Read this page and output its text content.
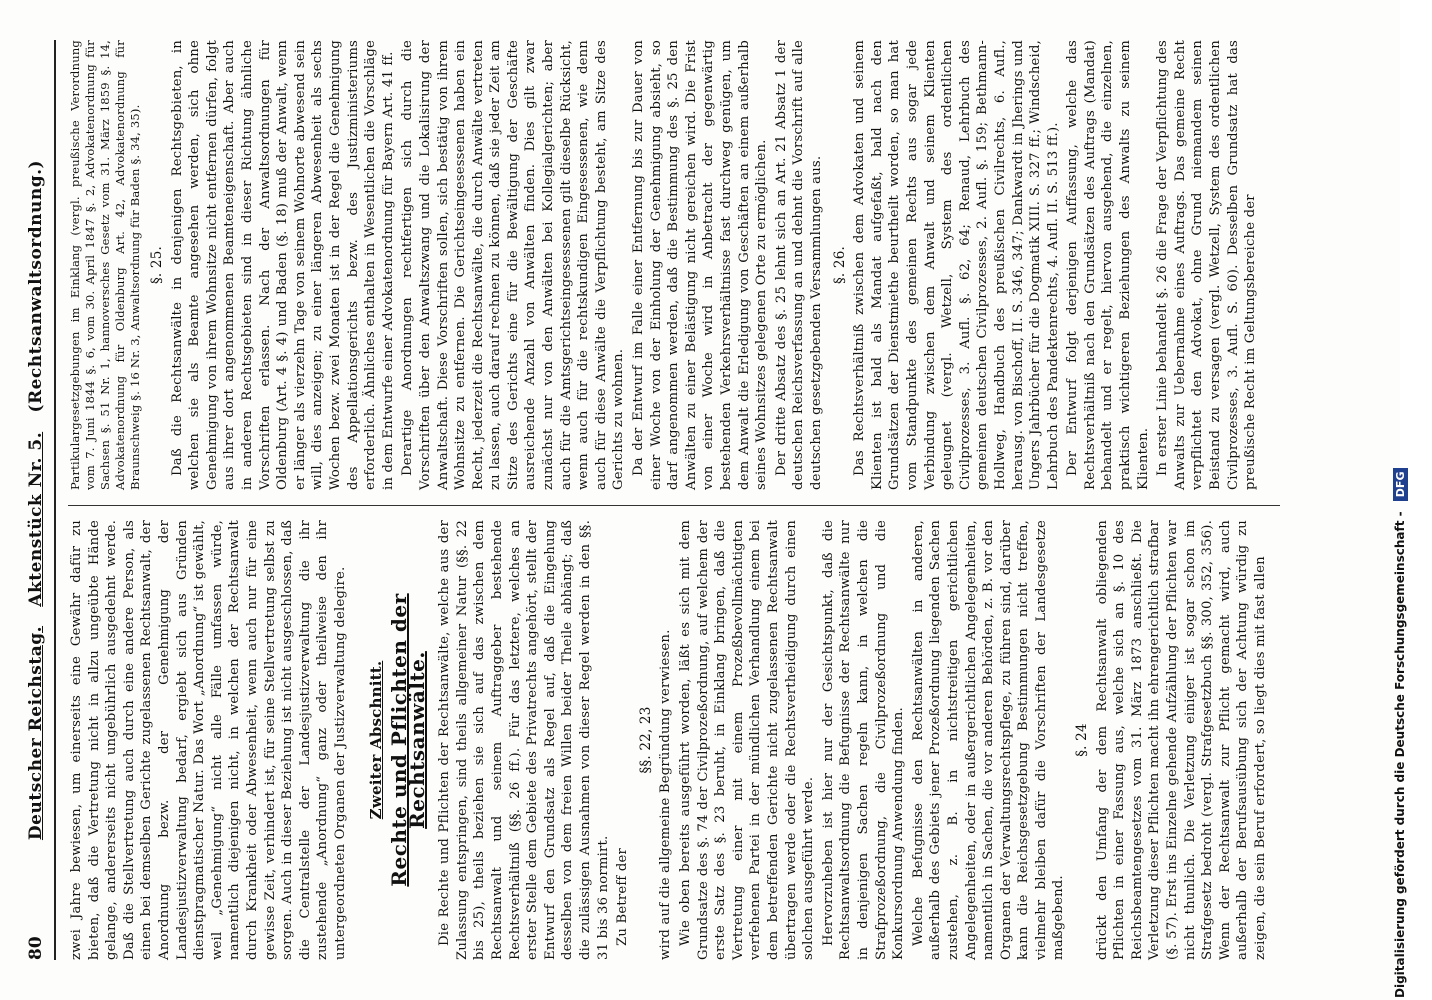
80
Deutscher Reichstag.   Aktenstück Nr. 5.   (Rechtsanwaltsordnung.)

zwei Jahre bewiesen, um einerseits eine Gewähr dafür zu bieten, daß die Vertretung nicht in allzu ungeübte Hände gelange, andererseits nicht ungebührlich ausgedehnt werde. Daß die Stellvertretung auch durch eine andere Person, als einen bei demselben Gerichte zugelassenen Rechtsanwalt, der Anordnung bezw. der Genehmigung der Landesjustizverwaltung bedarf, ergiebt sich aus Gründen dienstpragmatischer Natur. Das Wort „Anordnung“ ist gewählt, weil „Genehmigung“ nicht alle Fälle umfassen würde, namentlich diejenigen nicht, in welchen der Rechtsanwalt durch Krankheit oder Abwesenheit, wenn auch nur für eine gewisse Zeit, verhindert ist, für seine Stellvertretung selbst zu sorgen. Auch in dieser Beziehung ist nicht ausgeschlossen, daß die Centralstelle der Landesjustizverwaltung die ihr zustehende „Anordnung“ ganz oder theilweise den ihr untergeordneten Organen der Justizverwaltung delegire. Zweiter Abschnitt. Rechte und Pflichten der Rechtsanwälte. Die Rechte und Pflichten der Rechtsanwälte, welche aus der Zulassung entspringen, sind theils allgemeiner Natur (§§. 22 bis 25), theils beziehen sie sich auf das zwischen dem Rechtsanwalt und seinem Auftraggeber bestehende Rechtsverhältniß (§§. 26 ff.). Für das letztere, welches an erster Stelle dem Gebiete des Privatrechts angehört, stellt der Entwurf den Grundsatz als Regel auf, daß die Eingehung desselben von dem freien Willen beider Theile abhängt; daß die zulässigen Ausnahmen von dieser Regel werden in den §§. 31 bis 36 normirt. Zu Betreff der

§§. 22, 23 wird auf die allgemeine Begründung verwiesen. Wie oben bereits ausgeführt worden, läßt es sich mit dem Grundsatze des §. 74 der Civilprozeßordnung, auf welchem der erste Satz des §. 23 beruht, in Einklang bringen, daß die Vertretung einer mit einem Prozeßbevollmächtigten verfehenen Partei in der mündlichen Verhandlung einem bei dem betreffenden Gerichte nicht zugelassenen Rechtsanwalt übertragen werde oder die Rechtsvertheidigung durch einen solchen ausgeführt werde. Hervorzuheben ist hier nur der Gesichtspunkt, daß die Rechtsanwaltsordnung die Befugnisse der Rechtsanwälte nur in denjenigen Sachen regeln kann, in welchen die Strafprozeßordnung, die Civilprozeßordnung und die Konkursordnung Anwendung finden. Welche Befugnisse den Rechtsanwälten in anderen, außerhalb des Gebiets jener Prozeßordnung liegenden Sachen zustehen, z. B. in nichtstreitigen gerichtlichen Angelegenheiten, oder in außergerichtlichen Angelegenheiten, namentlich in Sachen, die vor anderen Behörden, z. B. vor den Organen der Verwaltungsrechtspflege, zu führen sind, darüber kann die Reichsgesetzgebung Bestimmungen nicht treffen, vielmehr bleiben dafür die Vorschriften der Landesgesetze maßgebend.

§. 24 drückt den Umfang der dem Rechtsanwalt obliegenden Pflichten in einer Fassung aus, welche sich an §. 10 des Reichsbeamtengesetzes vom 31. März 1873 anschließt. Die Verletzung dieser Pflichten macht ihn ehrengerichtlich strafbar (§. 57). Erst ins Einzelne gehende Aufzählung der Pflichten war nicht thunlich. Die Verletzung einiger ist sogar schon im Strafgesetz bedroht (vergl. Strafgesetzbuch §§. 300, 352, 356). Wenn der Rechtsanwalt zur Pflicht gemacht wird, auch außerhalb der Berufsausübung sich der Achtung würdig zu zeigen, die sein Beruf erfordert, so liegt dies mit fast allen

Partikulargesetzgebungen im Einklang (vergl. preußische Verordnung vom 7. Juni 1844 §. 6, vom 30. April 1847 §. 2, Advokatenordnung für Sachsen §. 51 Nr. 1, hannoversches Gesetz vom 31. März 1859 §. 14, Advokatenordnung für Oldenburg Art. 42, Advokatenordnung für Braunschweig §. 16 Nr. 3, Anwaltsordnung für Baden §. 34, 35). §. 25. Daß die Rechtsanwälte in denjenigen Rechtsgebieten, in welchen sie als Beamte angesehen werden, sich ohne Genehmigung von ihrem Wohnsitze nicht entfernen dürfen, folgt aus ihrer dort angenommenen Beamteneigenschaft. Aber auch in anderen Rechtsgebieten sind in dieser Richtung ähnliche Vorschriften erlassen. Nach der Anwaltsordnungen für Oldenburg (Art. 4 §. 4) und Baden (§. 18) muß der Anwalt, wenn er länger als vierzehn Tage von seinem Wohnorte abwesend sein will, dies anzeigen; zu einer längeren Abwesenheit als sechs Wochen bezw. zwei Monaten ist in der Regel die Genehmigung des Appellationsgerichts bezw. des Justizministeriums erforderlich. Ähnliches enthalten in Wesentlichen die Vorschläge in dem Entwurfe einer Advokatenordnung für Bayern Art. 41 ff. Derartige Anordnungen rechtfertigen sich durch die Vorschriften über den Anwaltszwang und die Lokalisirung der Anwaltschaft. Diese Vorschriften sollen, sich bestätig von ihrem Wohnsitze zu entfernen. Die Gerichtseingesessenen haben ein Recht, jederzeit die Rechtsanwälte, die durch Anwälte vertreten zu lassen, auch darauf rechnen zu können, daß sie jeder Zeit am Sitze des Gerichts eine für die Bewältigung der Geschäfte ausreichende Anzahl von Anwälten finden. Dies gilt zwar zunächst nur von den Anwälten bei Kollegialgerichten; aber auch für die Amtsgerichtseingesessenen gilt dieselbe Rücksicht, wenn auch für die rechtskundigen Eingesessenen, wie denn auch für diese Anwälte die Verpflichtung besteht, am Sitze des Gerichts zu wohnen. Da der Entwurf im Falle einer Entfernung bis zur Dauer von einer Woche von der Einholung der Genehmigung absieht, so darf angenommen werden, daß die Bestimmung des §. 25 den Anwälten zu einer Belästigung nicht gereichen wird. Die Frist von einer Woche wird in Anbetracht der gegenwärtig bestehenden Verkehrsverhältnisse fast durchweg genügen, um dem Anwalt die Erledigung von Geschäften an einem außerhalb seines Wohnsitzes gelegenen Orte zu ermöglichen. Der dritte Absatz des §. 25 lehnt sich an Art. 21 Absatz 1 der deutschen Reichsverfassung an und dehnt die Vorschrift auf alle deutschen gesetzgebenden Versammlungen aus. §. 26. Das Rechtsverhältniß zwischen dem Advokaten und seinem Klienten ist bald als Mandat aufgefaßt, bald nach den Grundsätzen der Dienstmiethe beurtheilt worden, so man hat vom Standpunkte des gemeinen Rechts aus sogar jede Verbindung zwischen dem Anwalt und seinem Klienten geleugnet (vergl. Wetzell, System des ordentlichen Civilprozesses, 3. Aufl. §. 62, 64; Renaud, Lehrbuch des gemeinen deutschen Civilprozesses, 2. Aufl. §. 159; Bethmann-Hollweg, Handbuch des preußischen Civilrechts, 6. Aufl., herausg. von Bischoff, II. S. 346, 347; Dankwardt in Jherings und Ungers Jahrbücher für die Dogmatik XIII. S. 327 ff.; Windscheid, Lehrbuch des Pandektenrechts, 4. Aufl. II. S. 513 ff.). Der Entwurf folgt derjenigen Auffassung, welche das Rechtsverhältniß nach den Grundsätzen des Auftrags (Mandat) behandelt und er regelt, hiervon ausgehend, die einzelnen, praktisch wichtigeren Beziehungen des Anwalts zu seinem Klienten. In erster Linie behandelt §. 26 die Frage der Verpflichtung des Anwalts zur Uebernahme eines Auftrags. Das gemeine Recht verpflichtet den Advokat, ohne Grund niemandem seinen Beistand zu versagen (vergl. Wetzell, System des ordentlichen Civilprozesses, 3. Aufl. S. 60). Desselben Grundsatz hat das preußische Recht im Geltungsbereiche der

Digitalisierung gefördert durch die Deutsche Forschungsgemeinschaft - DFG
